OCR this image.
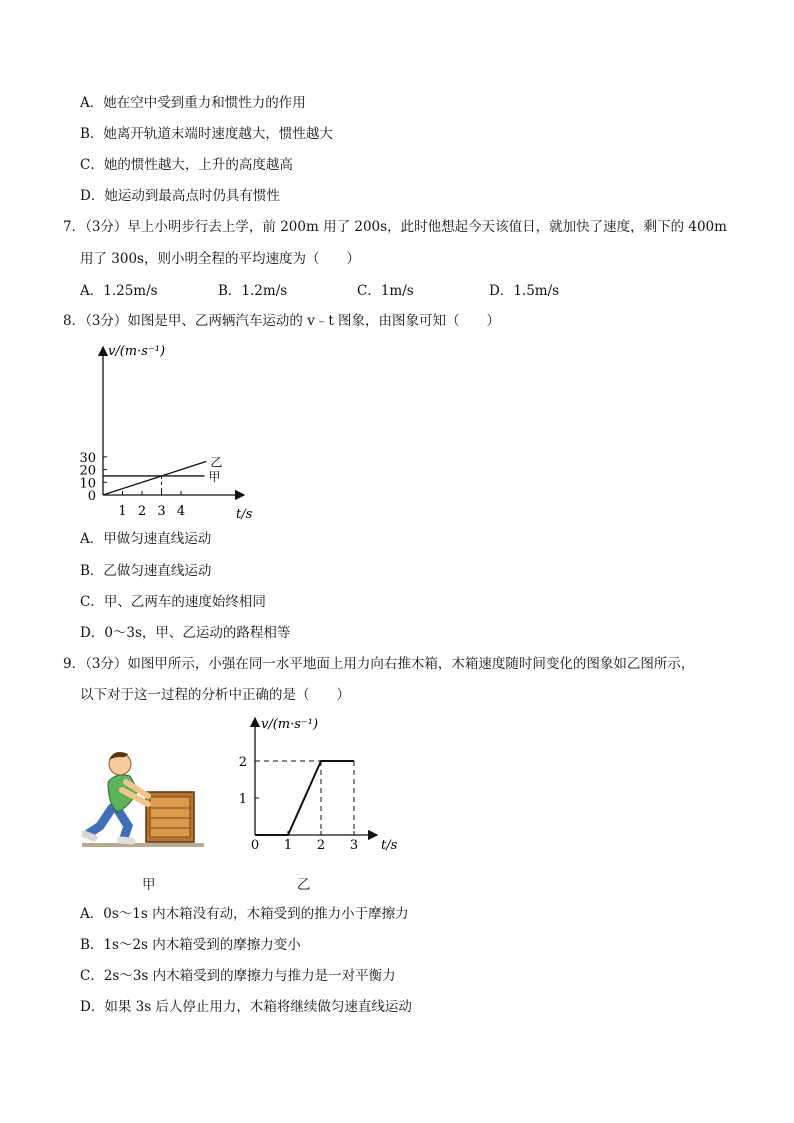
A．她在空中受到重力和惯性力的作用
B．她离开轨道末端时速度越大，惯性越大
C．她的惯性越大，上升的高度越高
D．她运动到最高点时仍具有惯性
7．（3分）早上小明步行去上学，前 200m 用了 200s，此时他想起今天该值日，就加快了速度，剩下的 400m
用了 300s，则小明全程的平均速度为（　　）
A．1.25m/s	B．1.2m/s	C．1m/s	D．1.5m/s
8．（3分）如图是甲、乙两辆汽车运动的 v﹣t 图象，由图象可知（　　）
0
10
20
30
1 2 3 4
甲
乙
v/(m·s⁻¹)
t/s
A．甲做匀速直线运动
B．乙做匀速直线运动
C．甲、乙两车的速度始终相同
D．0～3s，甲、乙运动的路程相等
9．（3分）如图甲所示，小强在同一水平地面上用力向右推木箱，木箱速度随时间变化的图象如乙图所示，
以下对于这一过程的分析中正确的是（　　）
0
1
2
1 2 3
v/(m·s⁻¹)
t/s
甲	乙
A．0s～1s 内木箱没有动，木箱受到的推力小于摩擦力
B．1s～2s 内木箱受到的摩擦力变小
C．2s～3s 内木箱受到的摩擦力与推力是一对平衡力
D．如果 3s 后人停止用力，木箱将继续做匀速直线运动
